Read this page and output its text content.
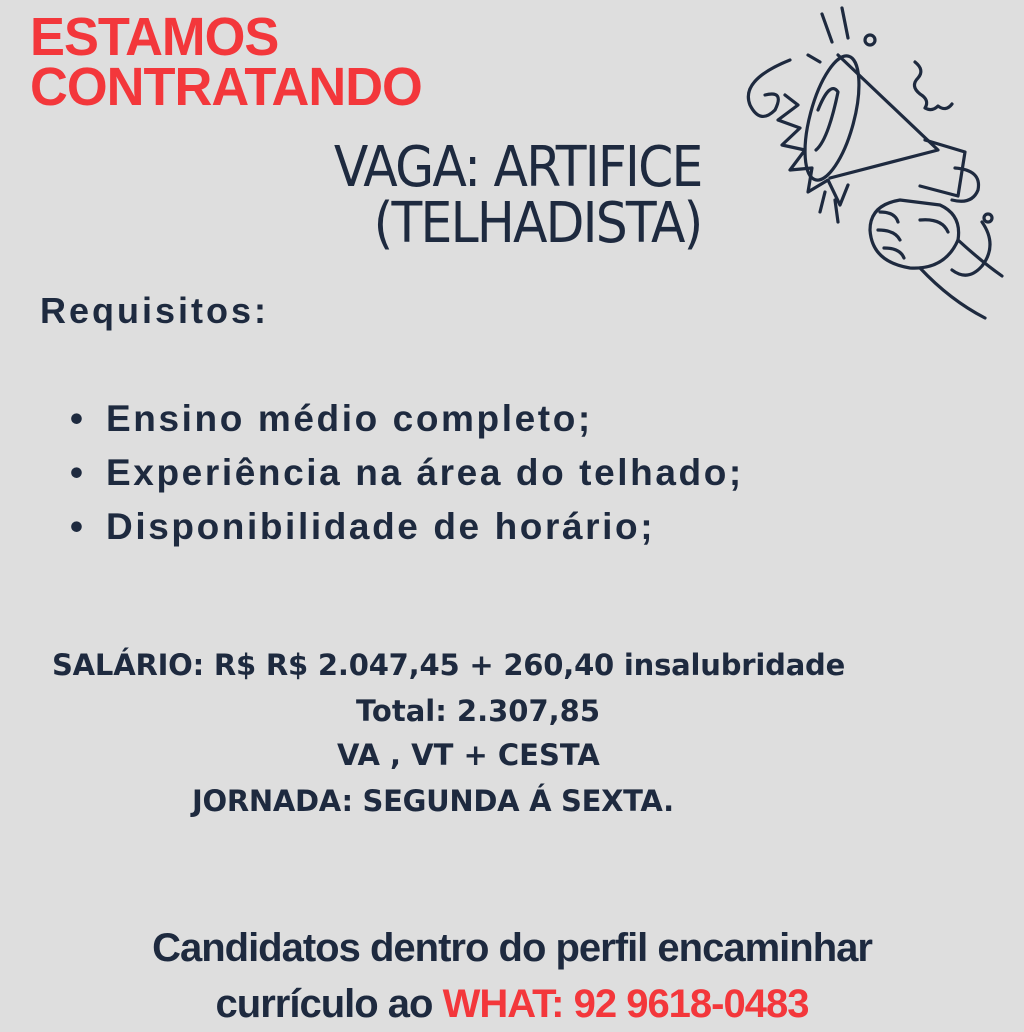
ESTAMOS
CONTRATANDO
VAGA: ARTIFICE
(TELHADISTA)
Requisitos:
• Ensino médio completo;
• Experiência na área do telhado;
• Disponibilidade de horário;
SALÁRIO: R$ R$ 2.047,45 + 260,40 insalubridade
Total: 2.307,85
VA , VT + CESTA
JORNADA: SEGUNDA Á SEXTA.
Candidatos dentro do perfil encaminhar
currículo ao WHAT: 92 9618-0483
